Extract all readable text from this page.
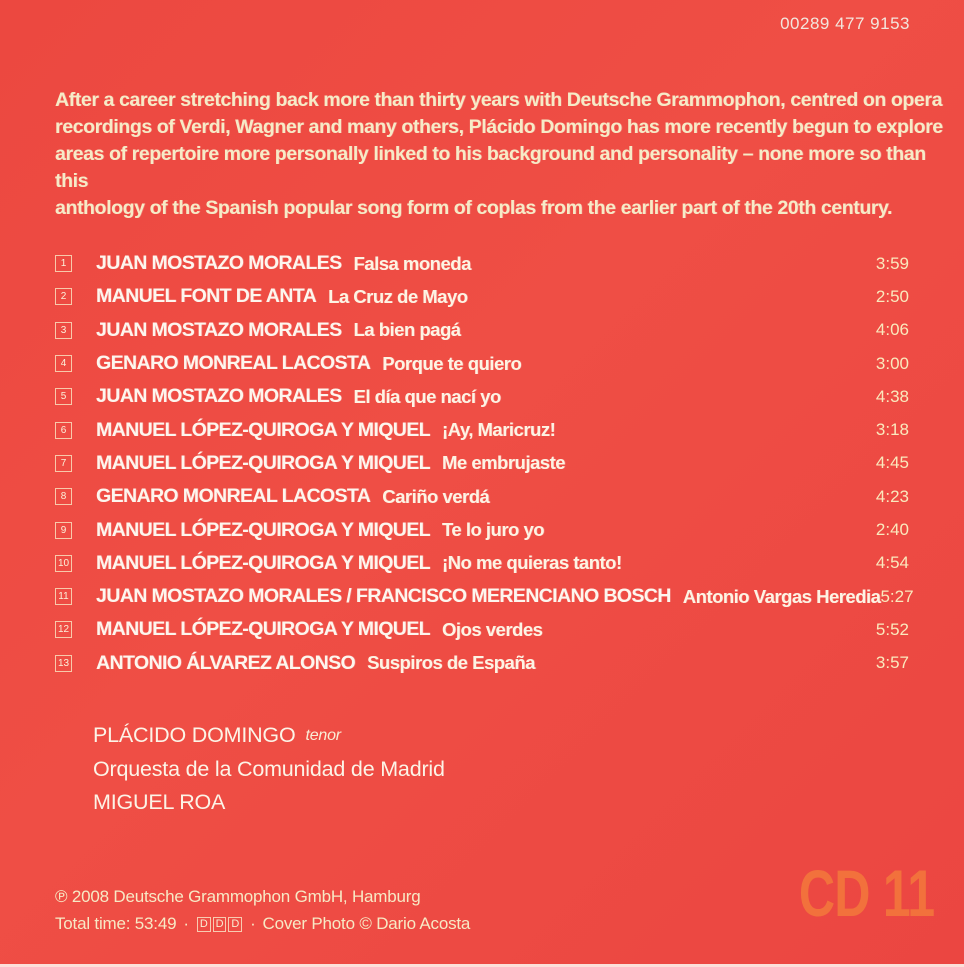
00289 477 9153
After a career stretching back more than thirty years with Deutsche Grammophon, centred on opera
recordings of Verdi, Wagner and many others, Plácido Domingo has more recently begun to explore
areas of repertoire more personally linked to his background and personality – none more so than this
anthology of the Spanish popular song form of coplas from the earlier part of the 20th century.
1 JUAN MOSTAZO MORALES Falsa moneda	3:59
2 MANUEL FONT DE ANTA La Cruz de Mayo	2:50
3 JUAN MOSTAZO MORALES La bien pagá	4:06
4 GENARO MONREAL LACOSTA Porque te quiero	3:00
5 JUAN MOSTAZO MORALES El día que nací yo	4:38
6 MANUEL LÓPEZ-QUIROGA Y MIQUEL ¡Ay, Maricruz!	3:18
7 MANUEL LÓPEZ-QUIROGA Y MIQUEL Me embrujaste	4:45
8 GENARO MONREAL LACOSTA Cariño verdá	4:23
9 MANUEL LÓPEZ-QUIROGA Y MIQUEL Te lo juro yo	2:40
10 MANUEL LÓPEZ-QUIROGA Y MIQUEL ¡No me quieras tanto!	4:54
11 JUAN MOSTAZO MORALES / FRANCISCO MERENCIANO BOSCH Antonio Vargas Heredia 5:27
12 MANUEL LÓPEZ-QUIROGA Y MIQUEL Ojos verdes	5:52
13 ANTONIO ÁLVAREZ ALONSO Suspiros de España	3:57
PLÁCIDO DOMINGO tenor
Orquesta de la Comunidad de Madrid
MIGUEL ROA
℗ 2008 Deutsche Grammophon GmbH, Hamburg
Total time: 53:49 · D D D · Cover Photo © Dario Acosta	CD 11
